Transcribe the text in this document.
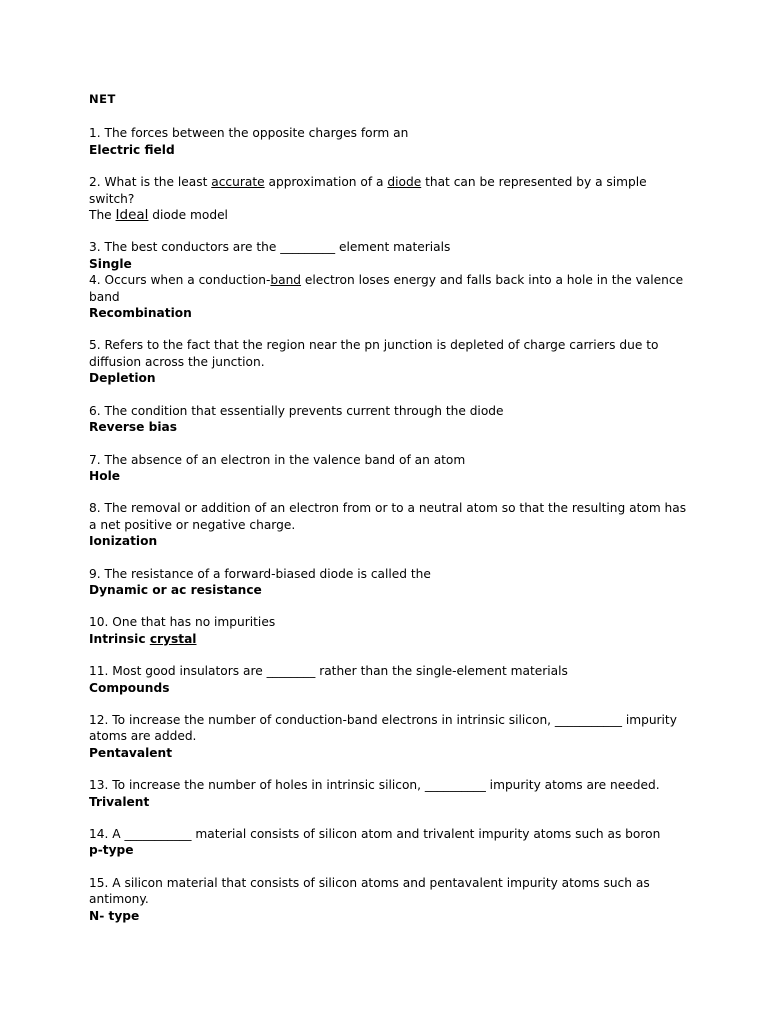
NET
1. The forces between the opposite charges form an
Electric field
2. What is the least accurate approximation of a diode that can be represented by a simple switch?
The Ideal diode model
3. The best conductors are the _________ element materials
Single
4. Occurs when a conduction-band electron loses energy and falls back into a hole in the valence band
Recombination
5. Refers to the fact that the region near the pn junction is depleted of charge carriers due to diffusion across the junction.
Depletion
6. The condition that essentially prevents current through the diode
Reverse bias
7. The absence of an electron in the valence band of an atom
Hole
8. The removal or addition of an electron from or to a neutral atom so that the resulting atom has a net positive or negative charge.
Ionization
9. The resistance of a forward-biased diode is called the
Dynamic or ac resistance
10. One that has no impurities
Intrinsic crystal
11. Most good insulators are ________ rather than the single-element materials
Compounds
12. To increase the number of conduction-band electrons in intrinsic silicon, ___________ impurity atoms are added.
Pentavalent
13. To increase the number of holes in intrinsic silicon, __________ impurity atoms are needed.
Trivalent
14. A ___________ material consists of silicon atom and trivalent impurity atoms such as boron
p-type
15. A silicon material that consists of silicon atoms and pentavalent impurity atoms such as antimony.
N- type
